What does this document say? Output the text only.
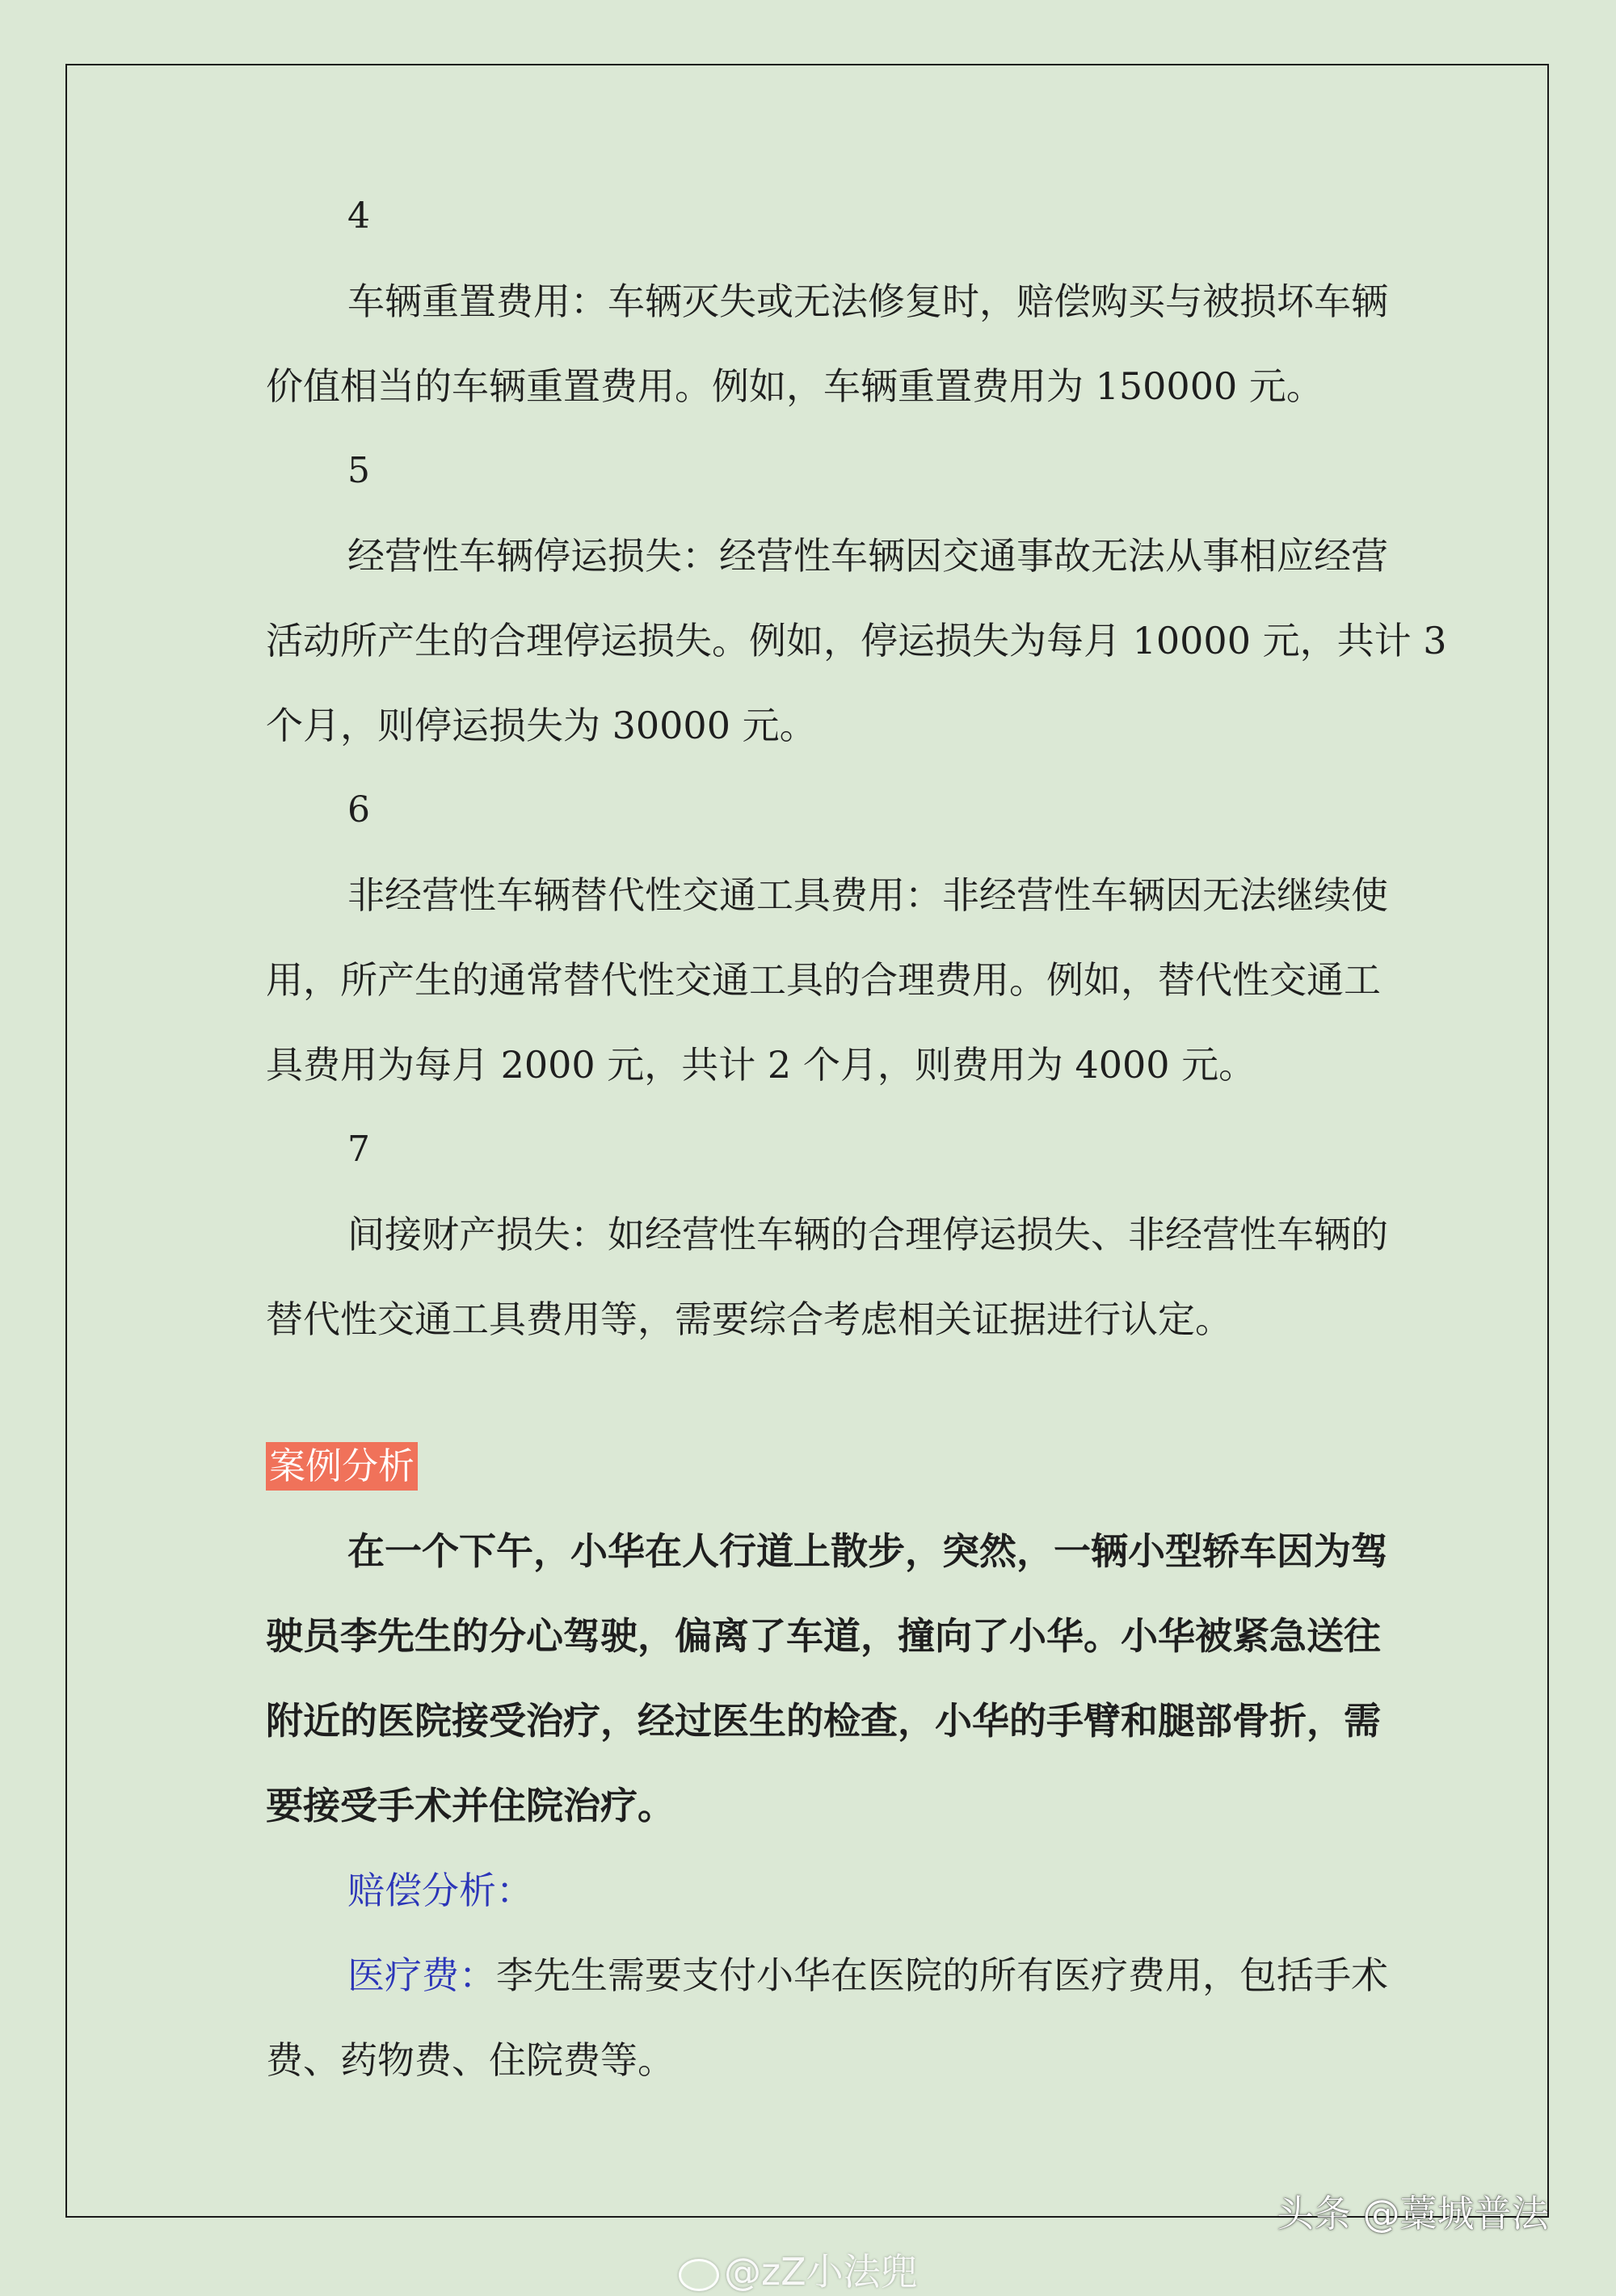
4
车辆重置费用：车辆灭失或无法修复时，赔偿购买与被损坏车辆
价值相当的车辆重置费用。例如，车辆重置费用为 150000 元。
5
经营性车辆停运损失：经营性车辆因交通事故无法从事相应经营
活动所产生的合理停运损失。例如，停运损失为每月 10000 元，共计 3
个月，则停运损失为 30000 元。
6
非经营性车辆替代性交通工具费用：非经营性车辆因无法继续使
用，所产生的通常替代性交通工具的合理费用。例如，替代性交通工
具费用为每月 2000 元，共计 2 个月，则费用为 4000 元。
7
间接财产损失：如经营性车辆的合理停运损失、非经营性车辆的
替代性交通工具费用等，需要综合考虑相关证据进行认定。
案例分析
在一个下午，小华在人行道上散步，突然，一辆小型轿车因为驾
驶员李先生的分心驾驶，偏离了车道，撞向了小华。小华被紧急送往
附近的医院接受治疗，经过医生的检查，小华的手臂和腿部骨折，需
要接受手术并住院治疗。
赔偿分析：
医疗费：李先生需要支付小华在医院的所有医疗费用，包括手术
费、药物费、住院费等。
头条 @藁城普法
@zZ小法兜
